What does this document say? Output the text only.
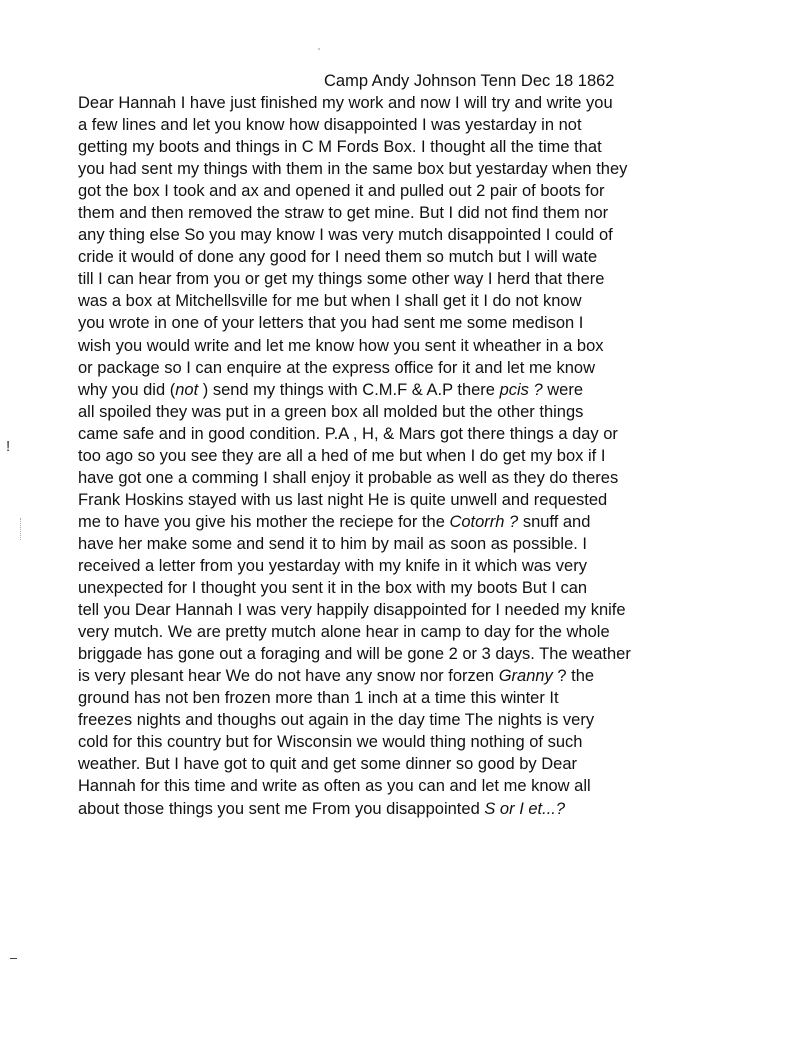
Camp Andy Johnson Tenn Dec 18 1862
Dear Hannah I have just finished my work and now I will try and write you
a few lines and let you know how disappointed I was yestarday in not
getting my boots and things in C M Fords Box. I thought all the time that
you had sent my things with them in the same box but yestarday when they
got the box I took and ax and opened it and pulled out 2 pair of boots for
them and then removed the straw to get mine. But I did not find them nor
any thing else So you may know I was very mutch disappointed I could of
cride it would of done any good for I need them so mutch but I will wate
till I can hear from you or get my things some other way I herd that there
was a box at Mitchellsville for me but when I shall get it I do not know
you wrote in one of your letters that you had sent me some medison I
wish you would write and let me know how you sent it wheather in a box
or package so I can enquire at the express office for it and let me know
why you did (not ) send my things with C.M.F & A.P there pcis ? were
all spoiled they was put in a green box all molded but the other things
came safe and in good condition. P.A , H, & Mars got there things a day or
too ago so you see they are all a hed of me but when I do get my box if I
have got one a comming I shall enjoy it probable as well as they do theres
Frank Hoskins stayed with us last night He is quite unwell and requested
me to have you give his mother the reciepe for the Cotorrh ? snuff and
have her make some and send it to him by mail as soon as possible. I
received a letter from you yestarday with my knife in it which was very
unexpected for I thought you sent it in the box with my boots But I can
tell you Dear Hannah I was very happily disappointed for I needed my knife
very mutch. We are pretty mutch alone hear in camp to day for the whole
briggade has gone out a foraging and will be gone 2 or 3 days. The weather
is very plesant hear We do not have any snow nor forzen Granny ? the
ground has not ben frozen more than 1 inch at a time this winter It
freezes nights and thoughs out again in the day time The nights is very
cold for this country but for Wisconsin we would thing nothing of such
weather. But I have got to quit and get some dinner so good by Dear
Hannah for this time and write as often as you can and let me know all
about those things you sent me From you disappointed S or I et...?
!
